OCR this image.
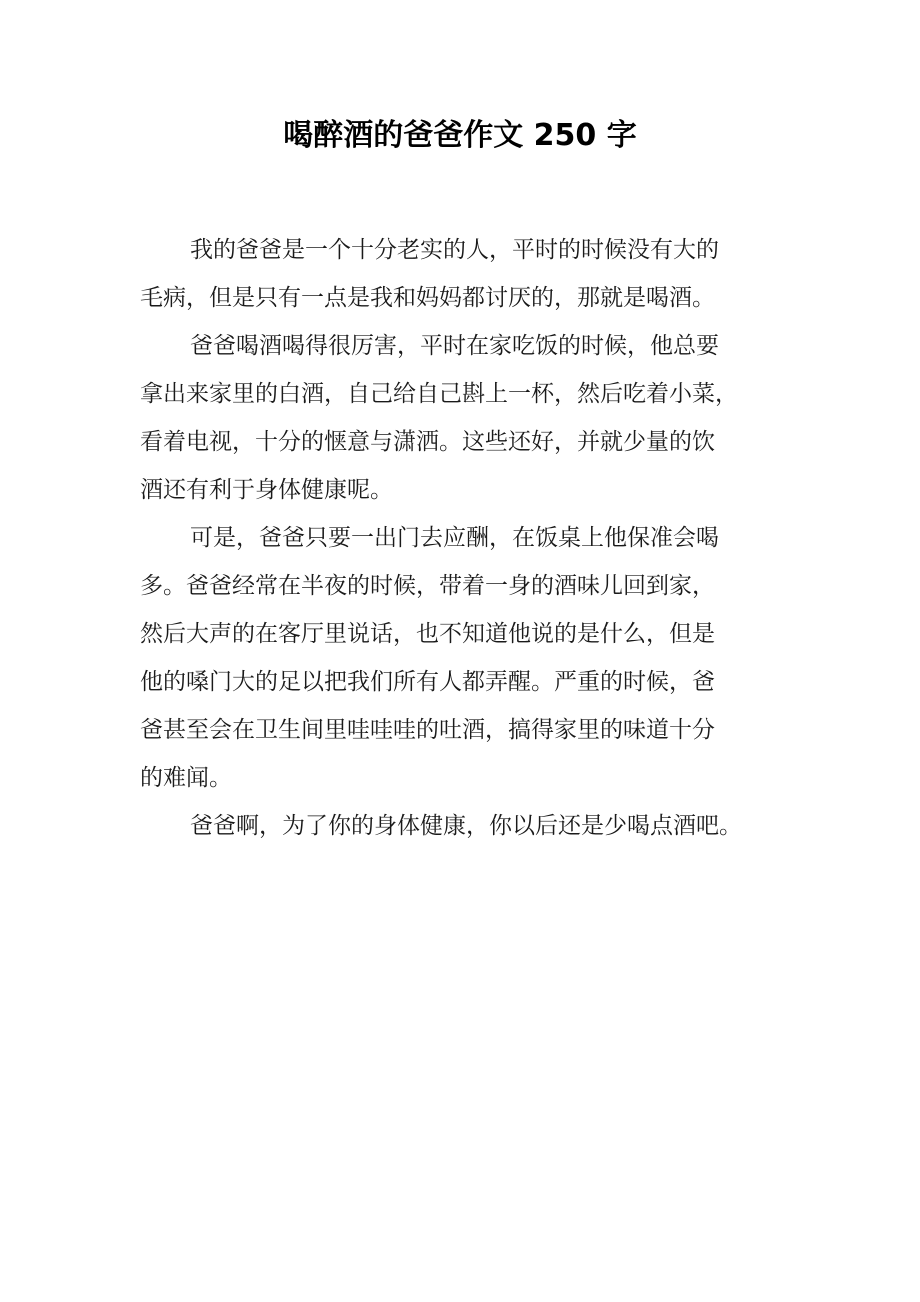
喝醉酒的爸爸作文 250 字

我的爸爸是一个十分老实的人，平时的时候没有大的

毛病，但是只有一点是我和妈妈都讨厌的，那就是喝酒。

爸爸喝酒喝得很厉害，平时在家吃饭的时候，他总要

拿出来家里的白酒，自己给自己斟上一杯，然后吃着小菜，

看着电视，十分的惬意与潇洒。这些还好，并就少量的饮

酒还有利于身体健康呢。

可是，爸爸只要一出门去应酬，在饭桌上他保准会喝

多。爸爸经常在半夜的时候，带着一身的酒味儿回到家，

然后大声的在客厅里说话，也不知道他说的是什么，但是

他的嗓门大的足以把我们所有人都弄醒。严重的时候，爸

爸甚至会在卫生间里哇哇哇的吐酒，搞得家里的味道十分

的难闻。

爸爸啊，为了你的身体健康，你以后还是少喝点酒吧。
